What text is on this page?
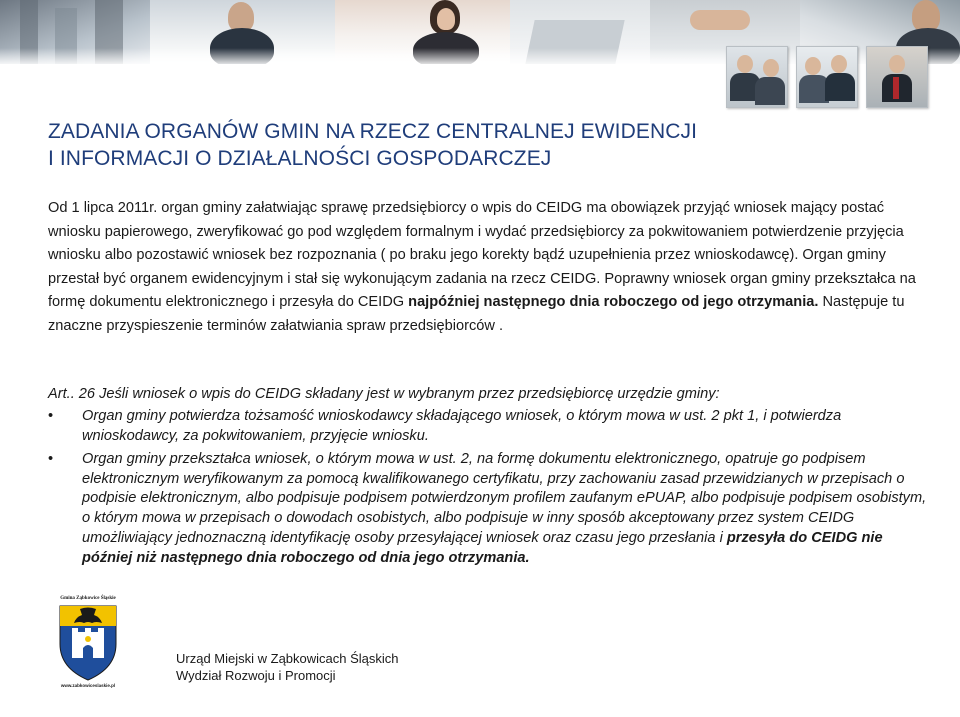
ZADANIA ORGANÓW GMIN NA RZECZ CENTRALNEJ EWIDENCJI
I INFORMACJI O DZIAŁALNOŚCI GOSPODARCZEJ

Od 1 lipca 2011r. organ gminy załatwiając sprawę przedsiębiorcy o wpis do CEIDG ma obowiązek przyjąć wniosek mający postać wniosku papierowego, zweryfikować go pod względem formalnym i wydać przedsiębiorcy za pokwitowaniem potwierdzenie przyjęcia wniosku albo pozostawić wniosek bez rozpoznania ( po braku jego korekty bądź uzupełnienia przez wnioskodawcę). Organ gminy przestał być organem ewidencyjnym i stał się wykonującym zadania na rzecz CEIDG. Poprawny wniosek organ gminy przekształca na formę dokumentu elektronicznego i przesyła do CEIDG najpóźniej następnego dnia roboczego od jego otrzymania. Następuje tu znaczne przyspieszenie terminów załatwiania spraw przedsiębiorców .

Art.. 26 Jeśli wniosek o wpis do CEIDG składany jest w wybranym przez przedsiębiorcę urzędzie gminy:

• Organ gminy potwierdza tożsamość wnioskodawcy składającego wniosek, o którym mowa w ust. 2 pkt 1, i potwierdza wnioskodawcy, za pokwitowaniem, przyjęcie wniosku.
• Organ gminy przekształca wniosek, o którym mowa w ust. 2, na formę dokumentu elektronicznego, opatruje go podpisem elektronicznym weryfikowanym za pomocą kwalifikowanego certyfikatu, przy zachowaniu zasad przewidzianych w przepisach o podpisie elektronicznym, albo podpisuje podpisem potwierdzonym profilem zaufanym ePUAP, albo podpisuje podpisem osobistym, o którym mowa w przepisach o dowodach osobistych, albo podpisuje w inny sposób akceptowany przez system CEIDG umożliwiający jednoznaczną identyfikację osoby przesyłającej wniosek oraz czasu jego przesłania i przesyła do CEIDG nie później niż następnego dnia roboczego od dnia jego otrzymania.
Gmina Ząbkowice Śląskie
www.zabkowiceslaskie.pl
Urząd Miejski w Ząbkowicach Śląskich
Wydział Rozwoju i Promocji
